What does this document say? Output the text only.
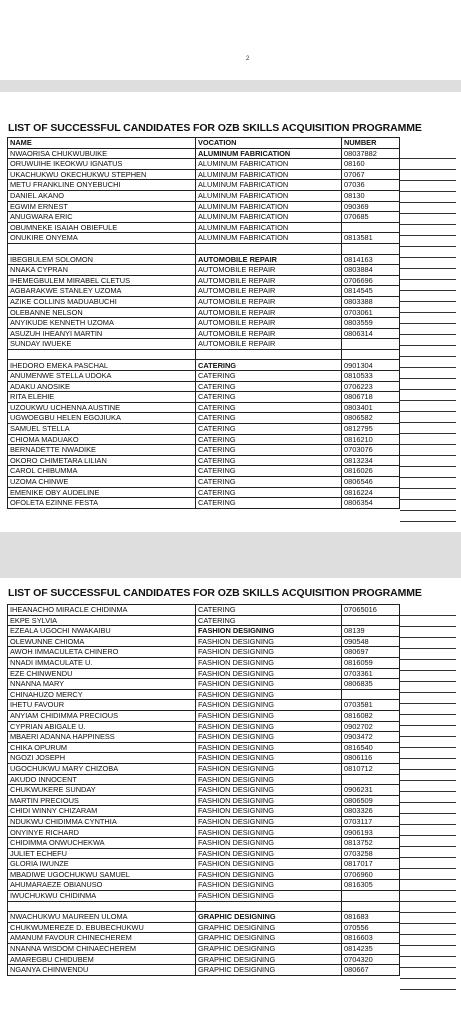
2
LIST OF SUCCESSFUL CANDIDATES FOR OZB SKILLS ACQUISITION PROGRAMME
NAME	VOCATION	NUMBER
NWAORISA CHUKWUBUIKE	ALUMINUM FABRICATION	08037882
ORUWUIHE IKEOKWU IGNATUS	ALUMINUM FABRICATION	08160
UKACHUKWU OKECHUKWU STEPHEN	ALUMINUM FABRICATION	07067
METU FRANKLINE ONYEBUCHI	ALUMINUM FABRICATION	07036
DANIEL AKANO	ALUMINUM FABRICATION	08130
EGWIM ERNEST	ALUMINUM FABRICATION	090369
ANUGWARA ERIC	ALUMINUM FABRICATION	070685
OBUMNEKE ISAIAH OBIEFULE	ALUMINUM FABRICATION	
ONUKIRE ONYEMA	ALUMINUM FABRICATION	0813581

IBEGBULEM SOLOMON	AUTOMOBILE REPAIR	0814163
NNAKA CYPRAN	AUTOMOBILE REPAIR	0803884
IHEMEGBULEM MIRABEL CLETUS	AUTOMOBILE REPAIR	0706696
AGBARAKWE STANLEY UZOMA	AUTOMOBILE REPAIR	0814545
AZIKE COLLINS MADUABUCHI	AUTOMOBILE REPAIR	0803388
OLEBANNE NELSON	AUTOMOBILE REPAIR	0703061
ANYIKUDE KENNETH UZOMA	AUTOMOBILE REPAIR	0803559
ASUZUH IHEANYI MARTIN	AUTOMOBILE REPAIR	0806314
SUNDAY IWUEKE	AUTOMOBILE REPAIR	

IHEDORO EMEKA PASCHAL	CATERING	0901304
ANUMENWE STELLA UDOKA	CATERING	0810533
ADAKU ANOSIKE	CATERING	0706223
RITA ELEHIE	CATERING	0806718
UZOUKWU UCHENNA AUSTINE	CATERING	0803401
UGWOEGBU HELEN EGOJIUKA	CATERING	0806582
SAMUEL STELLA	CATERING	0812795
CHIOMA MADUAKO	CATERING	0816210
BERNADETTE NWADIKE	CATERING	0703076
OKORO CHIMETARA LILIAN	CATERING	0813234
CAROL CHIBUMMA	CATERING	0816026
UZOMA CHINWE	CATERING	0806546
EMENIKE OBY AUDELINE	CATERING	0816224
OFOLETA EZINNE FESTA	CATERING	0806354
LIST OF SUCCESSFUL CANDIDATES FOR OZB SKILLS ACQUISITION PROGRAMME
IHEANACHO MIRACLE CHIDINMA	CATERING	07065016
EKPE SYLVIA	CATERING	
EZEALA UGOCHI NWAKAIBU	FASHION DESIGNING	08139
OLEWUNNE CHIOMA	FASHION DESIGNING	090548
AWOH IMMACULETA CHINERO	FASHION DESIGNING	080697
NNADI IMMACULATE U.	FASHION DESIGNING	0816059
EZE CHINWENDU	FASHION DESIGNING	0703361
NNANNA MARY	FASHION DESIGNING	0806835
CHINAHUZO MERCY	FASHION DESIGNING	
IHETU FAVOUR	FASHION DESIGNING	0703581
ANYIAM CHIDIMMA PRECIOUS	FASHION DESIGNING	0816082
CYPRIAN ABIGALE U.	FASHION DESIGNING	0902702
MBAERI ADANNA HAPPINESS	FASHION DESIGNING	0903472
CHIKA OPURUM	FASHION DESIGNING	0816540
NGOZI JOSEPH	FASHION DESIGNING	0806116
UGOCHUKWU MARY CHIZOBA	FASHION DESIGNING	0810712
AKUDO INNOCENT	FASHION DESIGNING	
CHUKWUKERE SUNDAY	FASHION DESIGNING	0906231
MARTIN PRECIOUS	FASHION DESIGNING	0806509
CHIDI WINNY CHIZARAM	FASHION DESIGNING	0803326
NDUKWU CHIDIMMA CYNTHIA	FASHION DESIGNING	0703117
ONYINYE RICHARD	FASHION DESIGNING	0906193
CHIDIMMA ONWUCHEKWA	FASHION DESIGNING	0813752
JULIET ECHEFU	FASHION DESIGNING	0703258
GLORIA IWUNZE	FASHION DESIGNING	0817017
MBADIWE UGOCHUKWU SAMUEL	FASHION DESIGNING	0706960
AHUMARAEZE OBIANUSO	FASHION DESIGNING	0816305
IWUCHUKWU CHIDINMA	FASHION DESIGNING	

NWACHUKWU MAUREEN ULOMA	GRAPHIC DESIGNING	081683
CHUKWUMEREZE D. EBUBECHUKWU	GRAPHIC DESIGNING	070556
AMANUM FAVOUR CHINECHEREM	GRAPHIC DESIGNING	0816603
NNANNA WISDOM CHINAECHEREM	GRAPHIC DESIGNING	0814235
AMAREGBU CHIDUBEM	GRAPHIC DESIGNING	0704320
NGANYA CHINWENDU	GRAPHIC DESIGNING	080667
